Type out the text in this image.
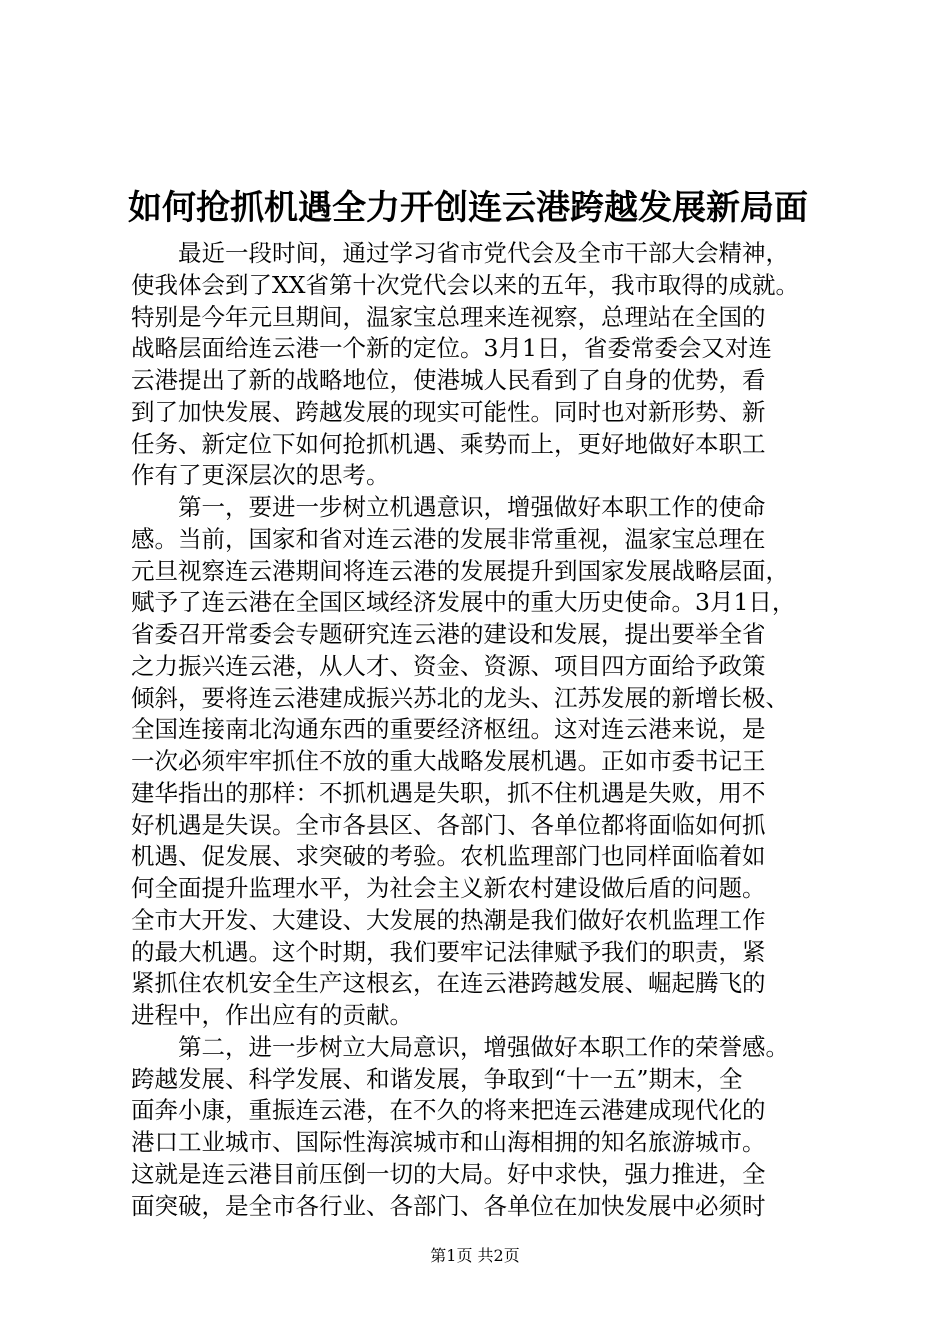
如何抢抓机遇全力开创连云港跨越发展新局面
最近一段时间，通过学习省市党代会及全市干部大会精神，
使我体会到了XX省第十次党代会以来的五年，我市取得的成就。
特别是今年元旦期间，温家宝总理来连视察，总理站在全国的
战略层面给连云港一个新的定位。3月1日，省委常委会又对连
云港提出了新的战略地位，使港城人民看到了自身的优势，看
到了加快发展、跨越发展的现实可能性。同时也对新形势、新
任务、新定位下如何抢抓机遇、乘势而上，更好地做好本职工
作有了更深层次的思考。
第一，要进一步树立机遇意识，增强做好本职工作的使命
感。当前，国家和省对连云港的发展非常重视，温家宝总理在
元旦视察连云港期间将连云港的发展提升到国家发展战略层面，
赋予了连云港在全国区域经济发展中的重大历史使命。3月1日，
省委召开常委会专题研究连云港的建设和发展，提出要举全省
之力振兴连云港，从人才、资金、资源、项目四方面给予政策
倾斜，要将连云港建成振兴苏北的龙头、江苏发展的新增长极、
全国连接南北沟通东西的重要经济枢纽。这对连云港来说，是
一次必须牢牢抓住不放的重大战略发展机遇。正如市委书记王
建华指出的那样：不抓机遇是失职，抓不住机遇是失败，用不
好机遇是失误。全市各县区、各部门、各单位都将面临如何抓
机遇、促发展、求突破的考验。农机监理部门也同样面临着如
何全面提升监理水平，为社会主义新农村建设做后盾的问题。
全市大开发、大建设、大发展的热潮是我们做好农机监理工作
的最大机遇。这个时期，我们要牢记法律赋予我们的职责，紧
紧抓住农机安全生产这根玄，在连云港跨越发展、崛起腾飞的
进程中，作出应有的贡献。
第二，进一步树立大局意识，增强做好本职工作的荣誉感。
跨越发展、科学发展、和谐发展，争取到“十一五”期末，全
面奔小康，重振连云港，在不久的将来把连云港建成现代化的
港口工业城市、国际性海滨城市和山海相拥的知名旅游城市。
这就是连云港目前压倒一切的大局。好中求快，强力推进，全
面突破，是全市各行业、各部门、各单位在加快发展中必须时
第1页 共2页
